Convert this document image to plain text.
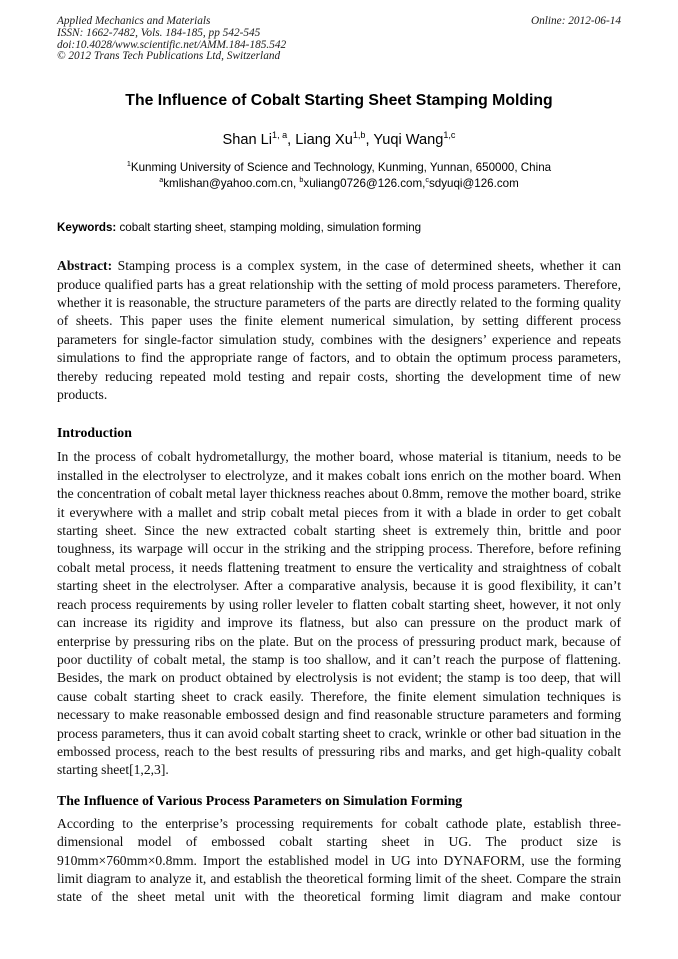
Applied Mechanics and Materials
ISSN: 1662-7482, Vols. 184-185, pp 542-545
doi:10.4028/www.scientific.net/AMM.184-185.542
© 2012 Trans Tech Publications Ltd, Switzerland
Online: 2012-06-14
The Influence of Cobalt Starting Sheet Stamping Molding
Shan Li$^{1, a}$, Liang Xu$^{1,b}$, Yuqi Wang$^{1,c}$
$^1$Kunming University of Science and Technology, Kunming, Yunnan, 650000, China
$^a$kmlishan@yahoo.com.cn, $^b$xuliang0726@126.com,$^c$sdyuqi@126.com
Keywords: cobalt starting sheet, stamping molding, simulation forming

Abstract: Stamping process is a complex system, in the case of determined sheets, whether it can produce qualified parts has a great relationship with the setting of mold process parameters. Therefore, whether it is reasonable, the structure parameters of the parts are directly related to the forming quality of sheets. This paper uses the finite element numerical simulation, by setting different process parameters for single-factor simulation study, combines with the designers’ experience and repeats simulations to find the appropriate range of factors, and to obtain the optimum process parameters, thereby reducing repeated mold testing and repair costs, shorting the development time of new products.

Introduction

In the process of cobalt hydrometallurgy, the mother board, whose material is titanium, needs to be installed in the electrolyser to electrolyze, and it makes cobalt ions enrich on the mother board. When the concentration of cobalt metal layer thickness reaches about 0.8mm, remove the mother board, strike it everywhere with a mallet and strip cobalt metal pieces from it with a blade in order to get cobalt starting sheet. Since the new extracted cobalt starting sheet is extremely thin, brittle and poor toughness, its warpage will occur in the striking and the stripping process. Therefore, before refining cobalt metal process, it needs flattening treatment to ensure the verticality and straightness of cobalt starting sheet in the electrolyser. After a comparative analysis, because it is good flexibility, it can’t reach process requirements by using roller leveler to flatten cobalt starting sheet, however, it not only can increase its rigidity and improve its flatness, but also can pressure on the product mark of enterprise by pressuring ribs on the plate. But on the process of pressuring product mark, because of poor ductility of cobalt metal, the stamp is too shallow, and it can’t reach the purpose of flattening. Besides, the mark on product obtained by electrolysis is not evident; the stamp is too deep, that will cause cobalt starting sheet to crack easily. Therefore, the finite element simulation techniques is necessary to make reasonable embossed design and find reasonable structure parameters and forming process parameters, thus it can avoid cobalt starting sheet to crack, wrinkle or other bad situation in the embossed process, reach to the best results of pressuring ribs and marks, and get high-quality cobalt starting sheet[1,2,3].

The Influence of Various Process Parameters on Simulation Forming

According to the enterprise’s processing requirements for cobalt cathode plate, establish three-dimensional model of embossed cobalt starting sheet in UG. The product size is 910mm×760mm×0.8mm. Import the established model in UG into DYNAFORM, use the forming limit diagram to analyze it, and establish the theoretical forming limit of the sheet. Compare the strain state of the sheet metal unit with the theoretical forming limit diagram and make contour
